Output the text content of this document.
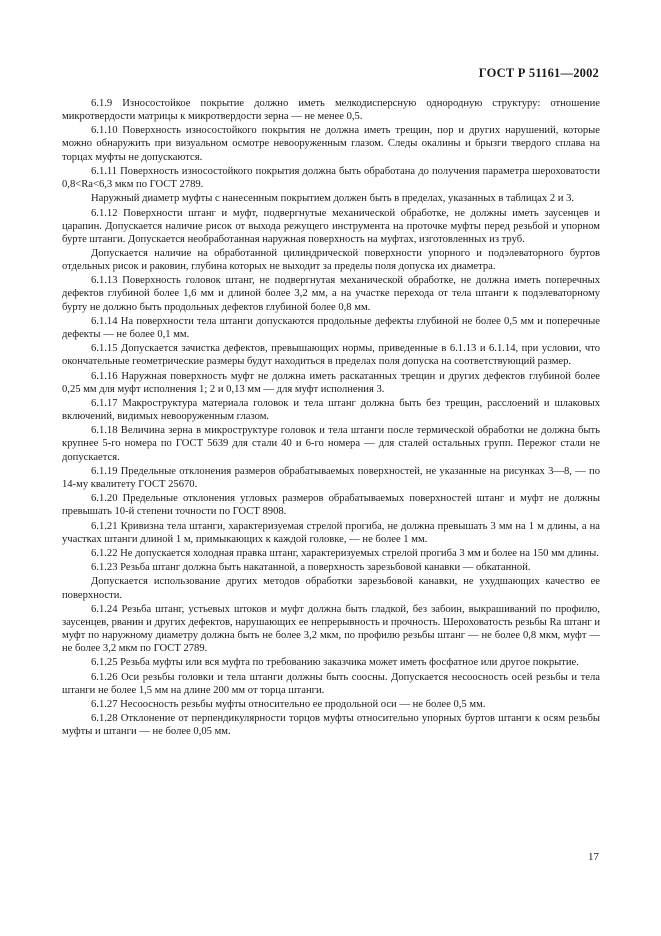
ГОСТ Р 51161—2002

6.1.9 Износостойкое покрытие должно иметь мелкодисперсную однородную структуру: отношение микротвердости матрицы к микротвердости зерна — не менее 0,5.

6.1.10 Поверхность износостойкого покрытия не должна иметь трещин, пор и других нарушений, которые можно обнаружить при визуальном осмотре невооруженным глазом. Следы окалины и брызги твердого сплава на торцах муфты не допускаются.

6.1.11 Поверхность износостойкого покрытия должна быть обработана до получения параметра шероховатости 0,8<Ra<6,3 мкм по ГОСТ 2789.

Наружный диаметр муфты с нанесенным покрытием должен быть в пределах, указанных в таблицах 2 и 3.

6.1.12 Поверхности штанг и муфт, подвергнутые механической обработке, не должны иметь заусенцев и царапин. Допускается наличие рисок от выхода режущего инструмента на проточке муфты перед резьбой и упорном бурте штанги. Допускается необработанная наружная поверхность на муфтах, изготовленных из труб.

Допускается наличие на обработанной цилиндрической поверхности упорного и подэлеваторного буртов отдельных рисок и раковин, глубина которых не выходит за пределы поля допуска их диаметра.

6.1.13 Поверхность головок штанг, не подвергнутая механической обработке, не должна иметь поперечных дефектов глубиной более 1,6 мм и длиной более 3,2 мм, а на участке перехода от тела штанги к подэлеваторному бурту не должно быть продольных дефектов глубиной более 0,8 мм.

6.1.14 На поверхности тела штанги допускаются продольные дефекты глубиной не более 0,5 мм и поперечные дефекты — не более 0,1 мм.

6.1.15 Допускается зачистка дефектов, превышающих нормы, приведенные в 6.1.13 и 6.1.14, при условии, что окончательные геометрические размеры будут находиться в пределах поля допуска на соответствующий размер.

6.1.16 Наружная поверхность муфт не должна иметь раскатанных трещин и других дефектов глубиной более 0,25 мм для муфт исполнения 1; 2 и 0,13 мм — для муфт исполнения 3.

6.1.17 Макроструктура материала головок и тела штанг должна быть без трещин, расслоений и шлаковых включений, видимых невооруженным глазом.

6.1.18 Величина зерна в микроструктуре головок и тела штанги после термической обработки не должна быть крупнее 5-го номера по ГОСТ 5639 для стали 40 и 6-го номера — для сталей остальных групп. Пережог стали не допускается.

6.1.19 Предельные отклонения размеров обрабатываемых поверхностей, не указанные на рисунках 3—8, — по 14-му квалитету ГОСТ 25670.

6.1.20 Предельные отклонения угловых размеров обрабатываемых поверхностей штанг и муфт не должны превышать 10-й степени точности по ГОСТ 8908.

6.1.21 Кривизна тела штанги, характеризуемая стрелой прогиба, не должна превышать 3 мм на 1 м длины, а на участках штанги длиной 1 м, примыкающих к каждой головке, — не более 1 мм.

6.1.22 Не допускается холодная правка штанг, характеризуемых стрелой прогиба 3 мм и более на 150 мм длины.

6.1.23 Резьба штанг должна быть накатанной, а поверхность зарезьбовой канавки — обкатанной.

Допускается использование других методов обработки зарезьбовой канавки, не ухудшающих качество ее поверхности.

6.1.24 Резьба штанг, устьевых штоков и муфт должна быть гладкой, без забоин, выкрашиваний по профилю, заусенцев, рванин и других дефектов, нарушающих ее непрерывность и прочность. Шероховатость резьбы Ra штанг и муфт по наружному диаметру должна быть не более 3,2 мкм, по профилю резьбы штанг — не более 0,8 мкм, муфт — не более 3,2 мкм по ГОСТ 2789.

6.1.25 Резьба муфты или вся муфта по требованию заказчика может иметь фосфатное или другое покрытие.

6.1.26 Оси резьбы головки и тела штанги должны быть соосны. Допускается несоосность осей резьбы и тела штанги не более 1,5 мм на длине 200 мм от торца штанги.

6.1.27 Несоосность резьбы муфты относительно ее продольной оси — не более 0,5 мм.

6.1.28 Отклонение от перпендикулярности торцов муфты относительно упорных буртов штанги к осям резьбы муфты и штанги — не более 0,05 мм.

17
